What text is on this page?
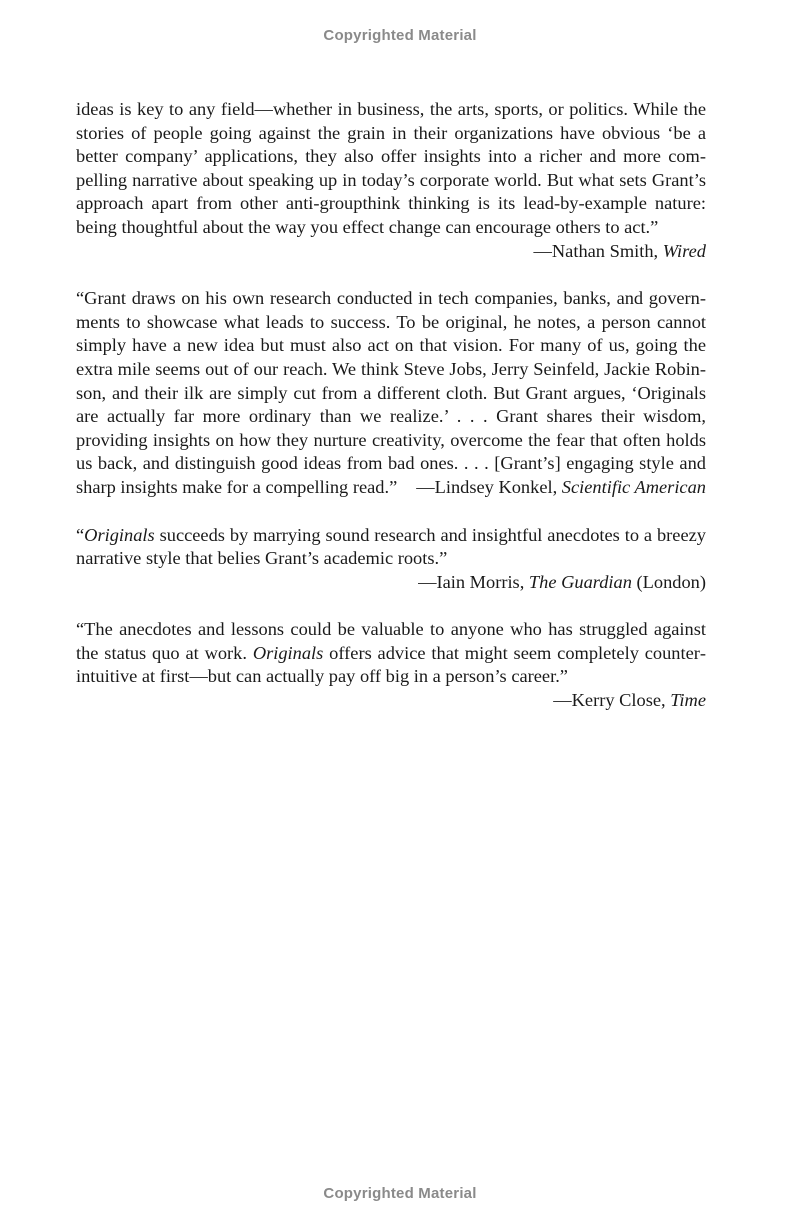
Copyrighted Material

ideas is key to any field—whether in business, the arts, sports, or politics. While the stories of people going against the grain in their organizations have obvious ‘be a better company’ applications, they also offer insights into a richer and more compelling narrative about speaking up in today’s corporate world. But what sets Grant’s approach apart from other anti-groupthink thinking is its lead-by-example nature: being thoughtful about the way you effect change can encourage others to act.”

—Nathan Smith, Wired

“Grant draws on his own research conducted in tech companies, banks, and governments to showcase what leads to success. To be original, he notes, a person cannot simply have a new idea but must also act on that vision. For many of us, going the extra mile seems out of our reach. We think Steve Jobs, Jerry Seinfeld, Jackie Robinson, and their ilk are simply cut from a different cloth. But Grant argues, ‘Originals are actually far more ordinary than we realize.’ . . . Grant shares their wisdom, providing insights on how they nurture creativity, overcome the fear that often holds us back, and distinguish good ideas from bad ones. . . . [Grant’s] engaging style and sharp insights make for a compelling read.” —Lindsey Konkel, Scientific American

“Originals succeeds by marrying sound research and insightful anecdotes to a breezy narrative style that belies Grant’s academic roots.”

—Iain Morris, The Guardian (London)

“The anecdotes and lessons could be valuable to anyone who has struggled against the status quo at work. Originals offers advice that might seem completely counterintuitive at first—but can actually pay off big in a person’s career.”

—Kerry Close, Time

Copyrighted Material
